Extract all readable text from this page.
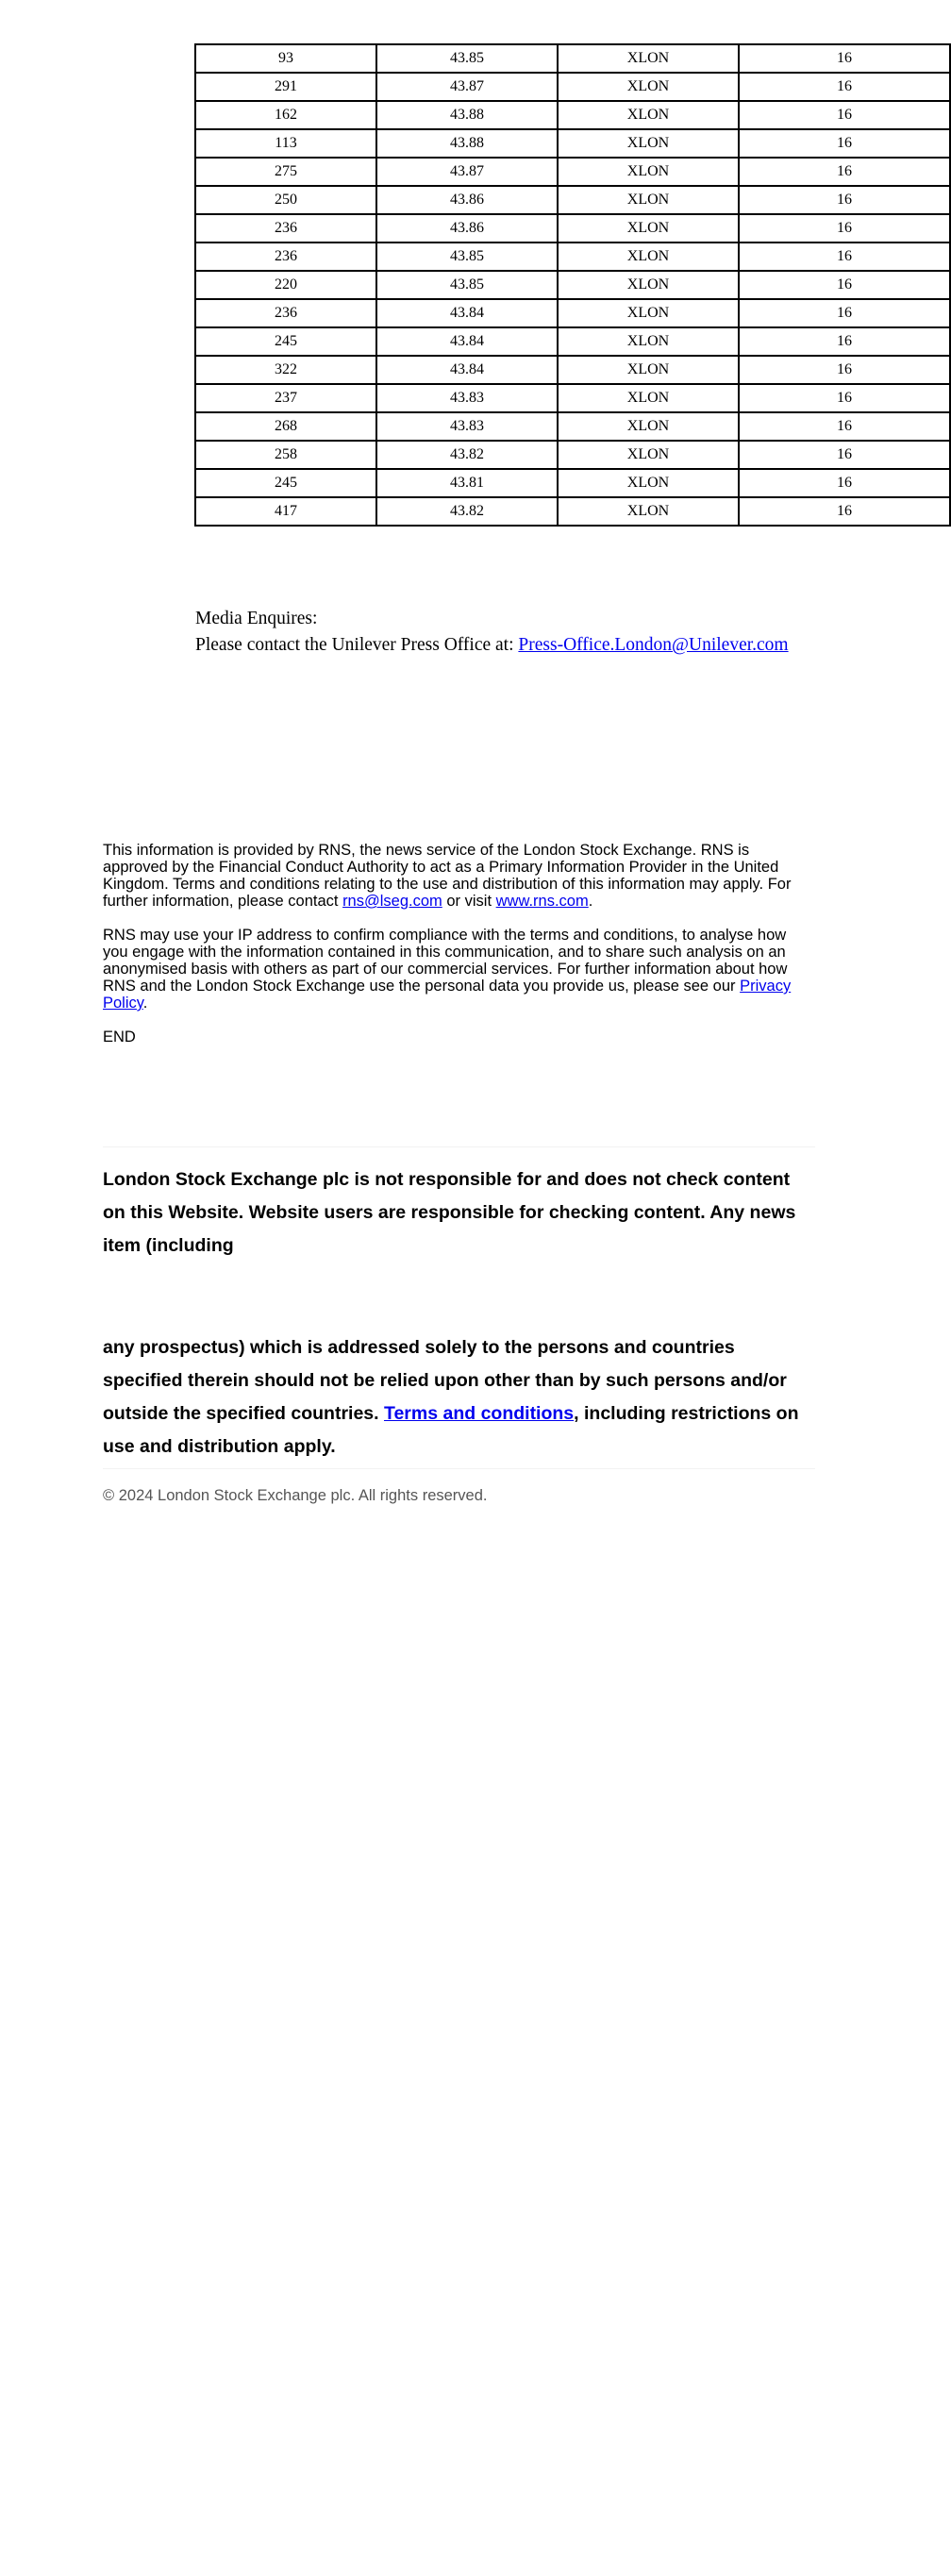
93	43.85	XLON	16
291	43.87	XLON	16
162	43.88	XLON	16
113	43.88	XLON	16
275	43.87	XLON	16
250	43.86	XLON	16
236	43.86	XLON	16
236	43.85	XLON	16
220	43.85	XLON	16
236	43.84	XLON	16
245	43.84	XLON	16
322	43.84	XLON	16
237	43.83	XLON	16
268	43.83	XLON	16
258	43.82	XLON	16
245	43.81	XLON	16
417	43.82	XLON	16
Media Enquires:
Please contact the Unilever Press Office at: Press-Office.London@Unilever.com

This information is provided by RNS, the news service of the London Stock Exchange. RNS is approved by the Financial Conduct Authority to act as a Primary Information Provider in the United Kingdom. Terms and conditions relating to the use and distribution of this information may apply. For further information, please contact rns@lseg.com or visit www.rns.com.

RNS may use your IP address to confirm compliance with the terms and conditions, to analyse how you engage with the information contained in this communication, and to share such analysis on an anonymised basis with others as part of our commercial services. For further information about how RNS and the London Stock Exchange use the personal data you provide us, please see our Privacy Policy.

END

London Stock Exchange plc is not responsible for and does not check content on this Website. Website users are responsible for checking content. Any news item (including
any prospectus) which is addressed solely to the persons and countries specified therein should not be relied upon other than by such persons and/or outside the specified countries. Terms and conditions, including restrictions on use and distribution apply.
© 2024 London Stock Exchange plc. All rights reserved.
